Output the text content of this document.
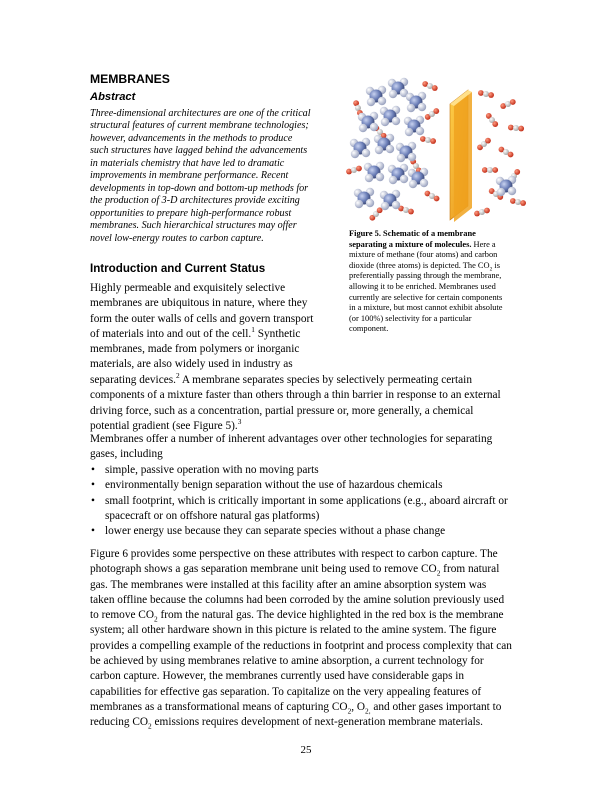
MEMBRANES
Abstract
Three-dimensional architectures are one of the critical
structural features of current membrane technologies;
however, advancements in the methods to produce
such structures have lagged behind the advancements
in materials chemistry that have led to dramatic
improvements in membrane performance. Recent
developments in top-down and bottom-up methods for
the production of 3-D architectures provide exciting
opportunities to prepare high-performance robust
membranes. Such hierarchical structures may offer
novel low-energy routes to carbon capture.	Figure 5. Schematic of a membrane
separating a mixture of molecules. Here a
mixture of methane (four atoms) and carbon
dioxide (three atoms) is depicted. The $CO_2$ is
preferentially passing through the membrane,
allowing it to be enriched. Membranes used
currently are selective for certain components
in a mixture, but most cannot exhibit absolute
(or 100%) selectivity for a particular
component.
Introduction and Current Status
Highly permeable and exquisitely selective
membranes are ubiquitous in nature, where they
form the outer walls of cells and govern transport
of materials into and out of the cell.$^1$ Synthetic
membranes, made from polymers or inorganic
materials, are also widely used in industry as
separating devices.$^2$ A membrane separates species by selectively permeating certain
components of a mixture faster than others through a thin barrier in response to an external
driving force, such as a concentration, partial pressure or, more generally, a chemical
potential gradient (see Figure 5).$^3$
Membranes offer a number of inherent advantages over other technologies for separating
gases, including
• simple, passive operation with no moving parts
• environmentally benign separation without the use of hazardous chemicals
• small footprint, which is critically important in some applications (e.g., aboard aircraft or
spacecraft or on offshore natural gas platforms)
• lower energy use because they can separate species without a phase change
Figure 6 provides some perspective on these attributes with respect to carbon capture. The
photograph shows a gas separation membrane unit being used to remove $CO_2$ from natural
gas. The membranes were installed at this facility after an amine absorption system was
taken offline because the columns had been corroded by the amine solution previously used
to remove $CO_2$ from the natural gas. The device highlighted in the red box is the membrane
system; all other hardware shown in this picture is related to the amine system. The figure
provides a compelling example of the reductions in footprint and process complexity that can
be achieved by using membranes relative to amine absorption, a current technology for
carbon capture. However, the membranes currently used have considerable gaps in
capabilities for effective gas separation. To capitalize on the very appealing features of
membranes as a transformational means of capturing $CO_2$, $O_{2,}$ and other gases important to
reducing $CO_2$ emissions requires development of next-generation membrane materials.
25
